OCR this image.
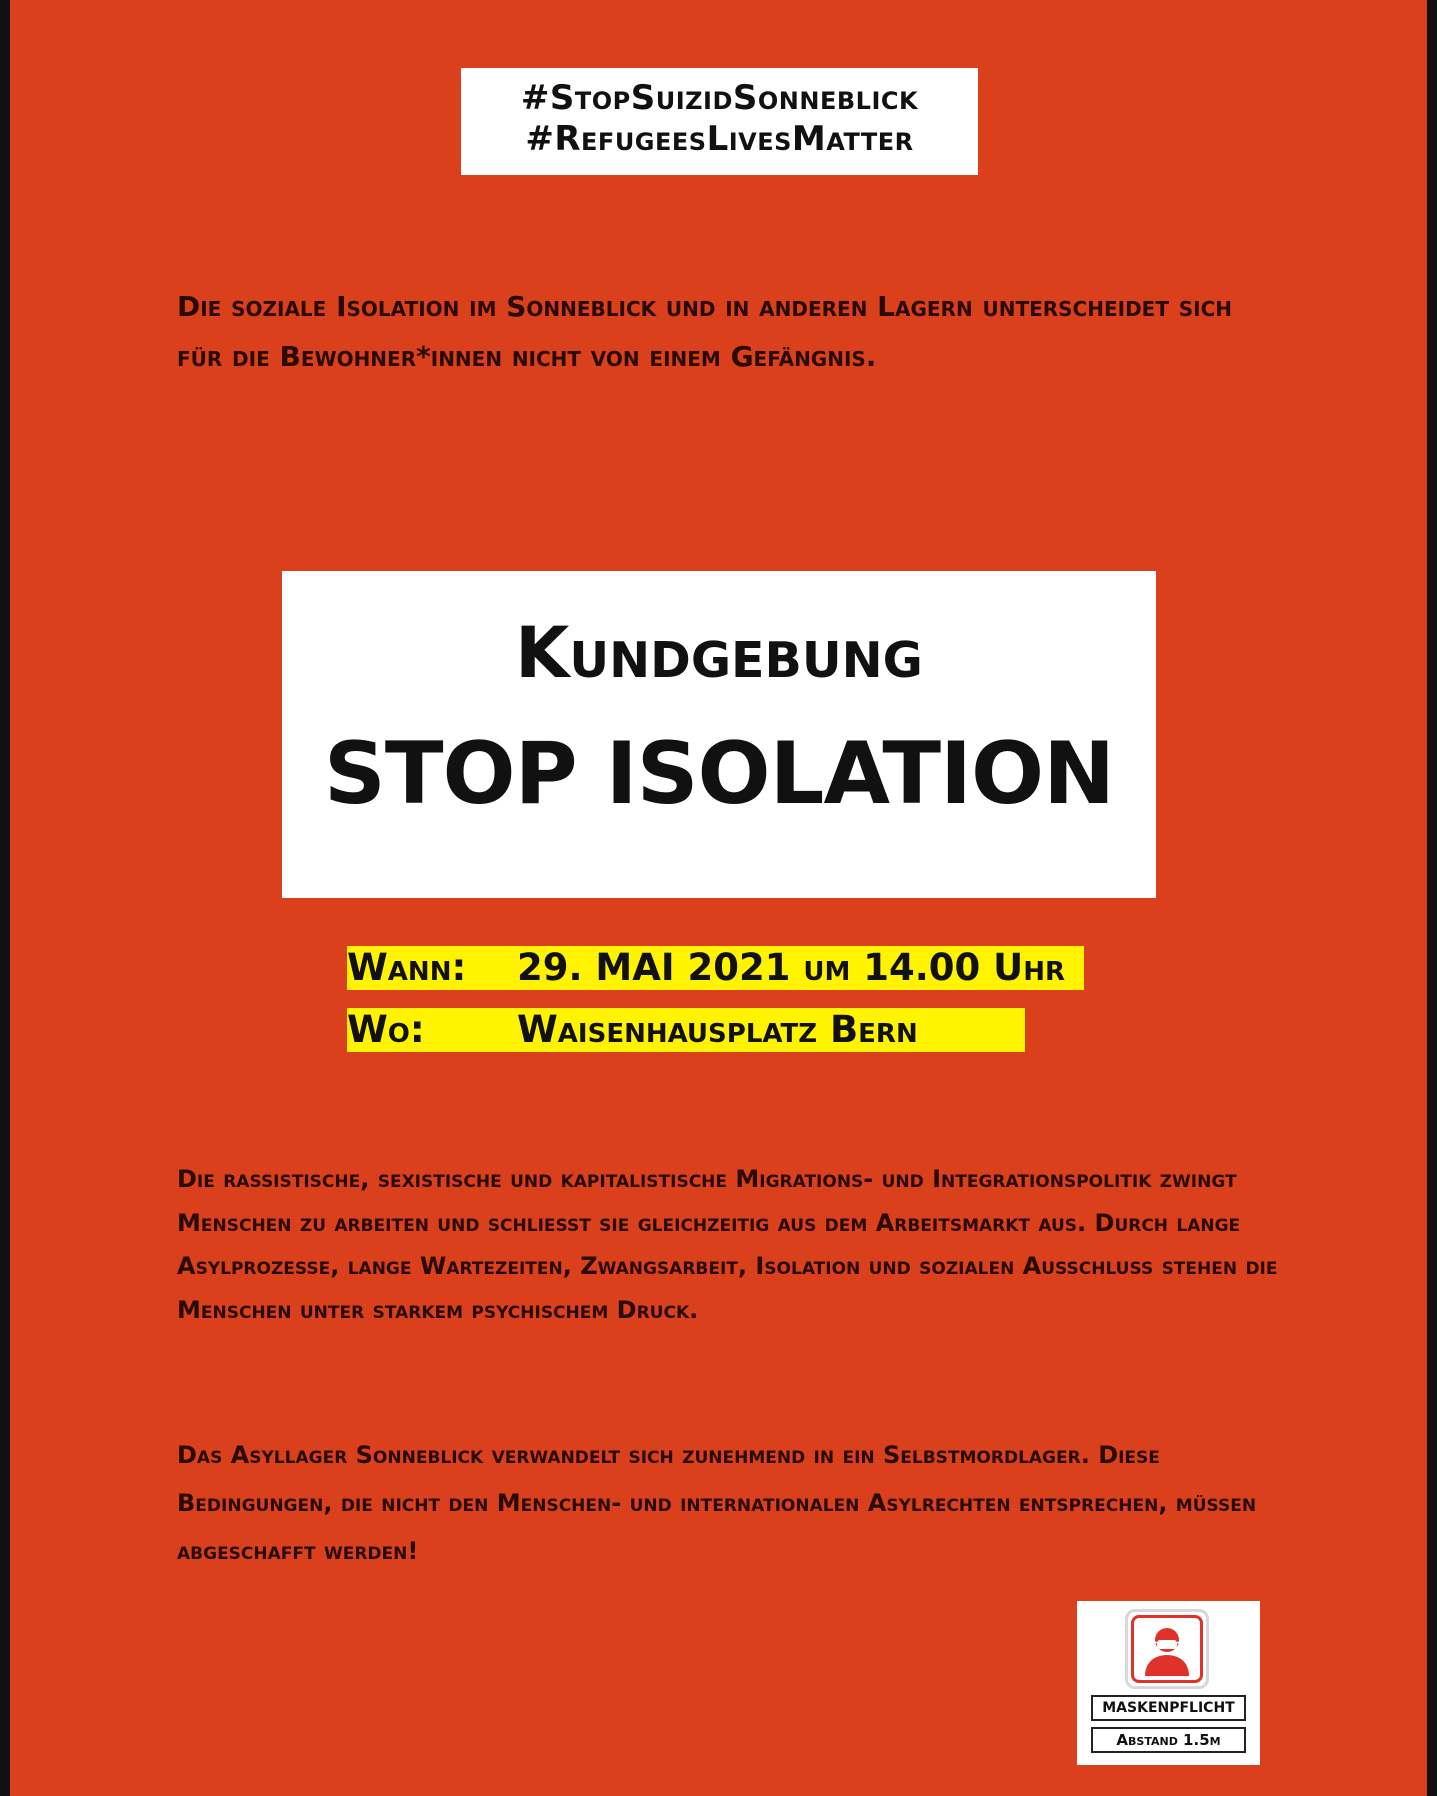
#StopSuizidSonneblick
#RefugeesLivesMatter

Die soziale Isolation im Sonneblick und in anderen Lagern unterscheidet sich für die Bewohner*innen nicht von einem Gefängnis.

Kundgebung
STOP ISOLATION
Wann: 29. MAI 2021 um 14.00 Uhr
Wo: Waisenhausplatz Bern

Die rassistische, sexistische und kapitalistische Migrations- und Integrationspolitik zwingt Menschen zu arbeiten und schliesst sie gleichzeitig aus dem Arbeitsmarkt aus. Durch lange Asylprozesse, lange Wartezeiten, Zwangsarbeit, Isolation und sozialen Ausschluss stehen die Menschen unter starkem psychischem Druck.

Das Asyllager Sonneblick verwandelt sich zunehmend in ein Selbstmordlager. Diese Bedingungen, die nicht den Menschen- und internationalen Asylrechten entsprechen, müssen abgeschafft werden!

MASKENPFLICHT
Abstand 1.5m
